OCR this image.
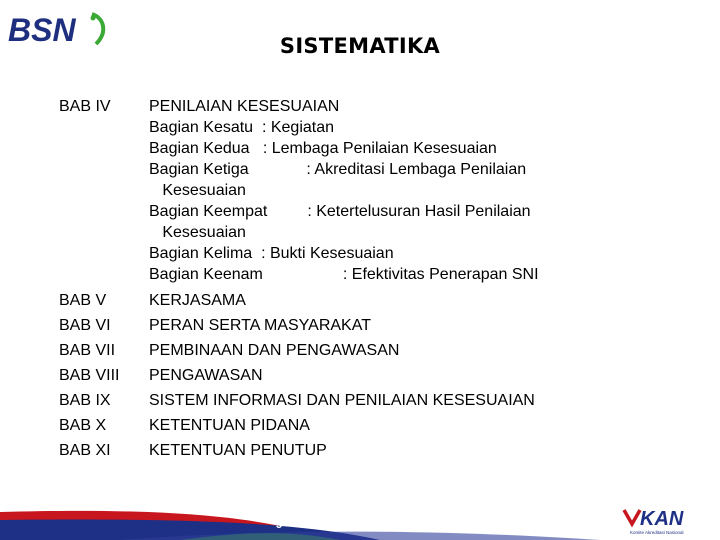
BSN	SISTEMATIKA
BAB IV	PENILAIAN KESESUAIAN
Bagian Kesatu  : Kegiatan
Bagian Kedua   : Lembaga Penilaian Kesesuaian
Bagian Ketiga             : Akreditasi Lembaga Penilaian
Kesesuaian
Bagian Keempat         : Ketertelusuran Hasil Penilaian
Kesesuaian
Bagian Kelima  : Bukti Kesesuaian
Bagian Keenam                  : Efektivitas Penerapan SNI
BAB V	KERJASAMA
BAB VI	PERAN SERTA MASYARAKAT
BAB VII	PEMBINAAN DAN PENGAWASAN
BAB VIII	PENGAWASAN
BAB IX	SISTEM INFORMASI DAN PENILAIAN KESESUAIAN
BAB X	KETENTUAN PIDANA
BAB XI	KETENTUAN PENUTUP
5	KAN
Komite Akreditasi Nasional
